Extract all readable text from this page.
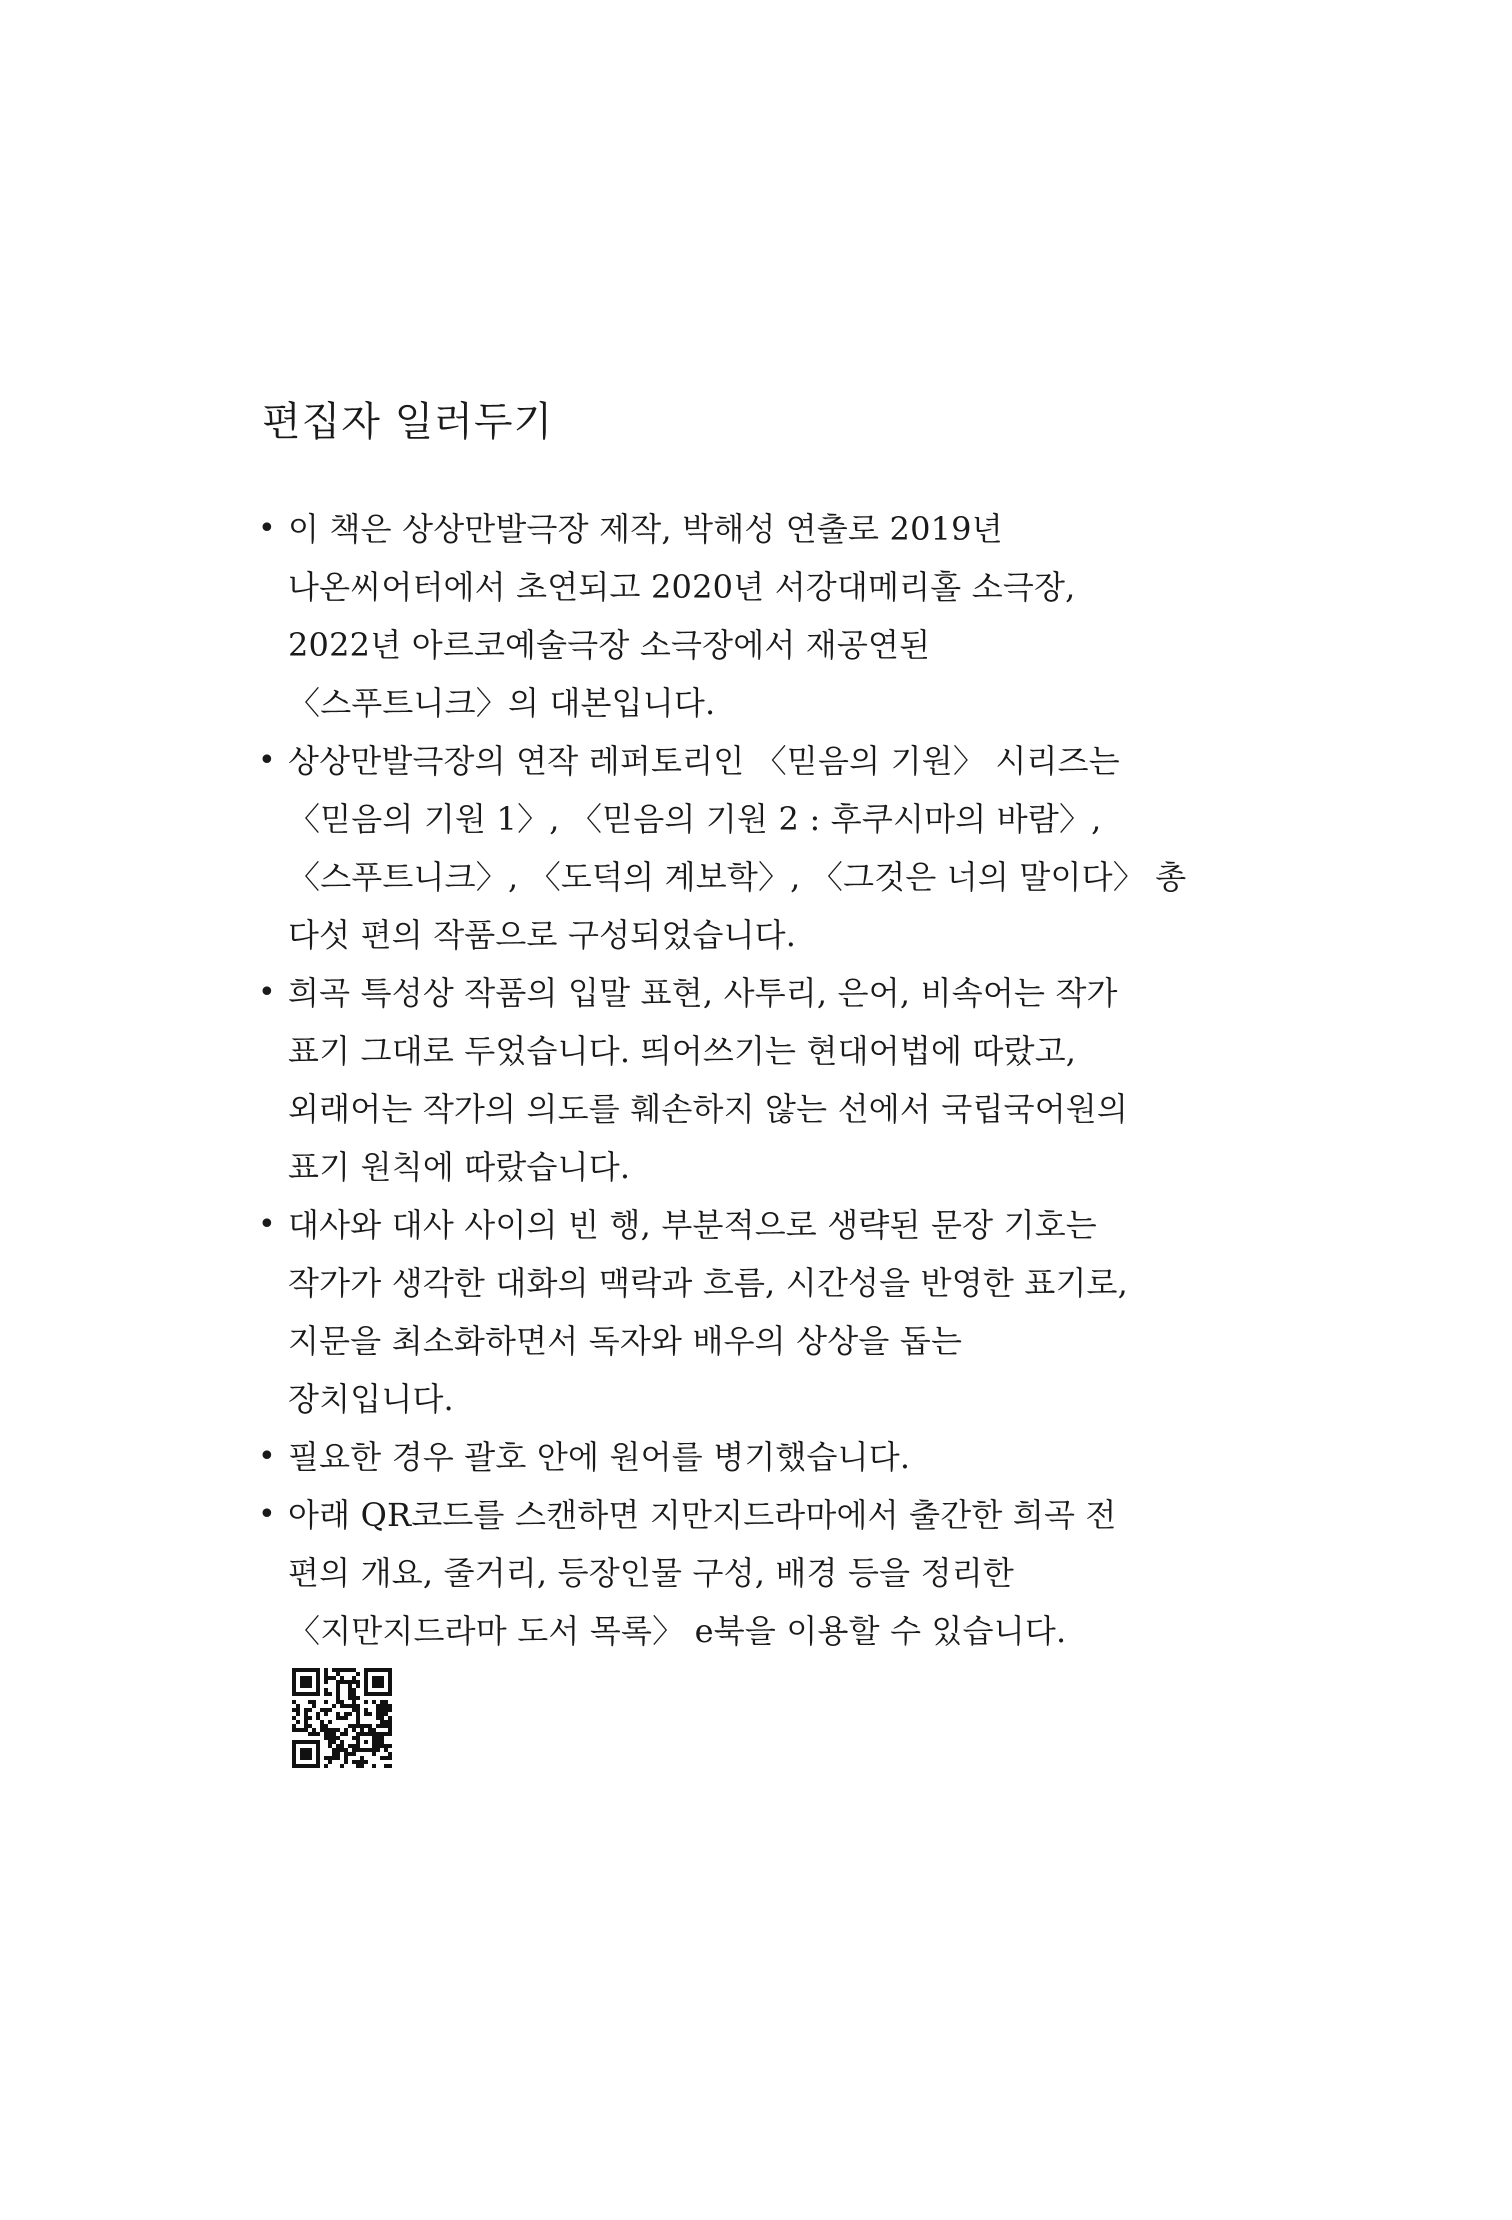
편집자 일러두기
• 이 책은 상상만발극장 제작, 박해성 연출로 2019년
나온씨어터에서 초연되고 2020년 서강대메리홀 소극장,
2022년 아르코예술극장 소극장에서 재공연된
〈스푸트니크〉의 대본입니다.
• 상상만발극장의 연작 레퍼토리인 〈믿음의 기원〉 시리즈는
〈믿음의 기원 1〉, 〈믿음의 기원 2 : 후쿠시마의 바람〉,
〈스푸트니크〉, 〈도덕의 계보학〉, 〈그것은 너의 말이다〉 총
다섯 편의 작품으로 구성되었습니다.
• 희곡 특성상 작품의 입말 표현, 사투리, 은어, 비속어는 작가
표기 그대로 두었습니다. 띄어쓰기는 현대어법에 따랐고,
외래어는 작가의 의도를 훼손하지 않는 선에서 국립국어원의
표기 원칙에 따랐습니다.
• 대사와 대사 사이의 빈 행, 부분적으로 생략된 문장 기호는
작가가 생각한 대화의 맥락과 흐름, 시간성을 반영한 표기로,
지문을 최소화하면서 독자와 배우의 상상을 돕는
장치입니다.
• 필요한 경우 괄호 안에 원어를 병기했습니다.
• 아래 QR코드를 스캔하면 지만지드라마에서 출간한 희곡 전
편의 개요, 줄거리, 등장인물 구성, 배경 등을 정리한
〈지만지드라마 도서 목록〉 e북을 이용할 수 있습니다.
